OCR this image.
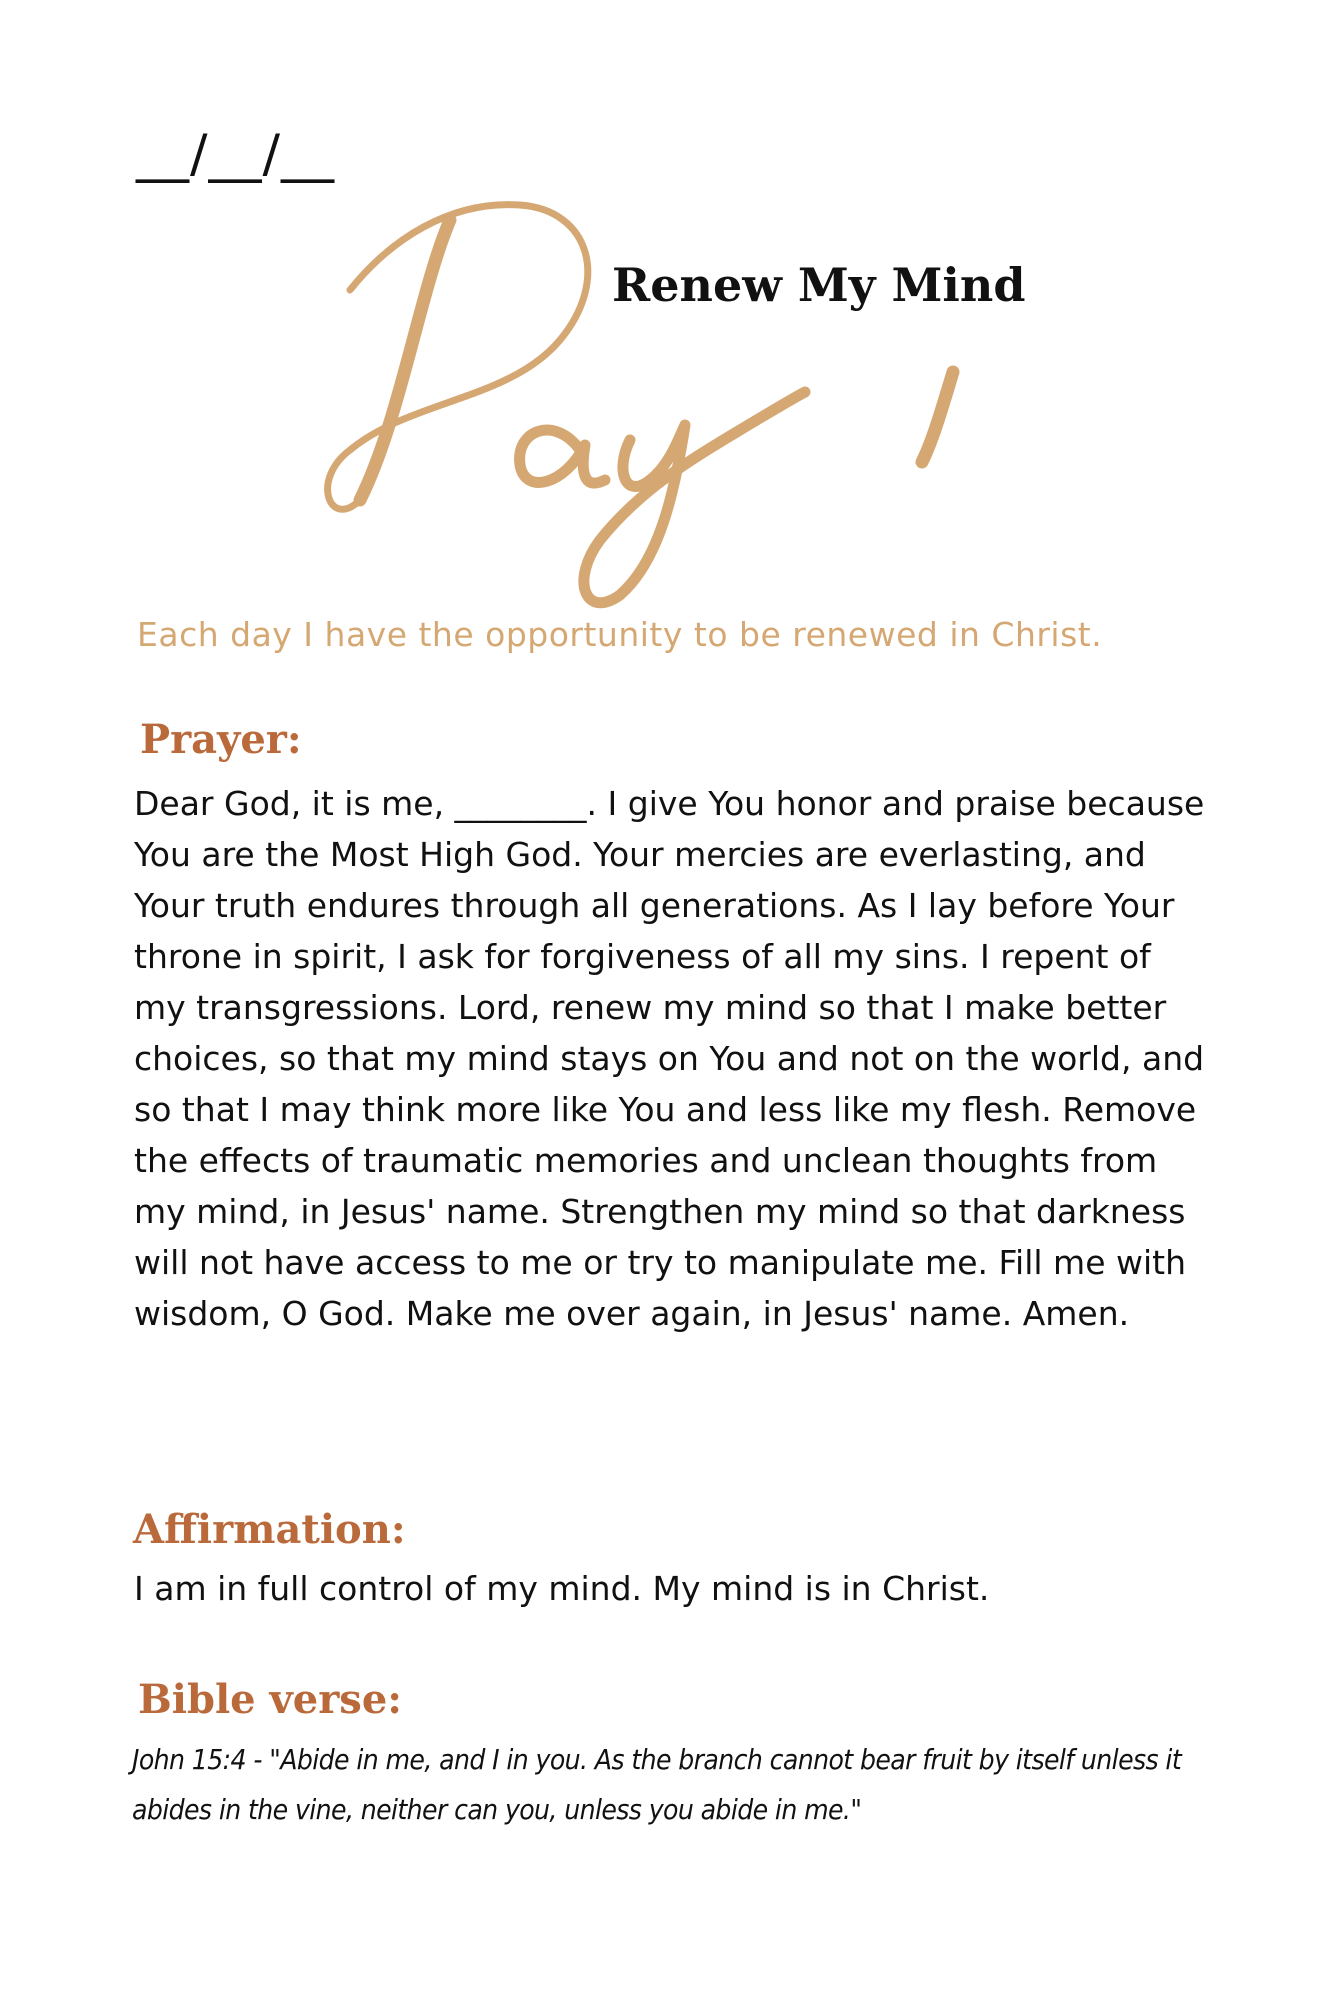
__/__/__
Renew My Mind
Each day I have the opportunity to be renewed in Christ.
Prayer:
Dear God, it is me, ________. I give You honor and praise because You are the Most High God. Your mercies are everlasting, and Your truth endures through all generations. As I lay before Your throne in spirit, I ask for forgiveness of all my sins. I repent of my transgressions. Lord, renew my mind so that I make better choices, so that my mind stays on You and not on the world, and so that I may think more like You and less like my flesh. Remove the effects of traumatic memories and unclean thoughts from my mind, in Jesus' name. Strengthen my mind so that darkness will not have access to me or try to manipulate me. Fill me with wisdom, O God. Make me over again, in Jesus' name. Amen.
Affirmation:
I am in full control of my mind. My mind is in Christ.
Bible verse:
John 15:4 - "Abide in me, and I in you. As the branch cannot bear fruit by itself unless it abides in the vine, neither can you, unless you abide in me."
